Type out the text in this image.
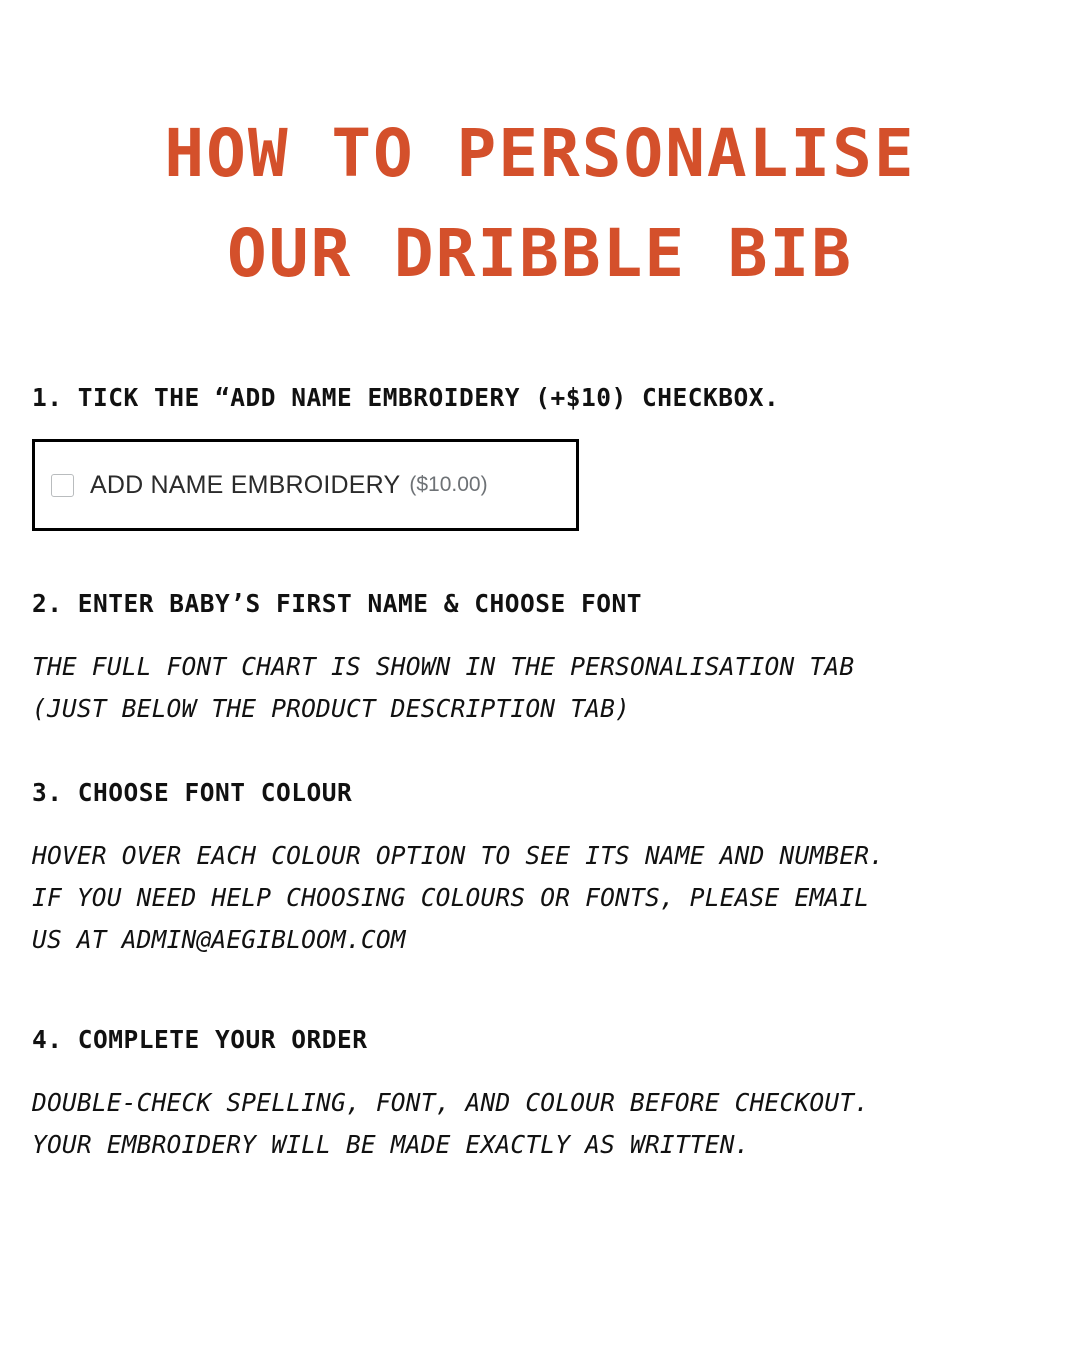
HOW TO PERSONALISE
OUR DRIBBLE BIB
1. TICK THE “ADD NAME EMBROIDERY (+$10) CHECKBOX.
ADD NAME EMBROIDERY ($10.00)
2. ENTER BABY’S FIRST NAME & CHOOSE FONT
THE FULL FONT CHART IS SHOWN IN THE PERSONALISATION TAB
(JUST BELOW THE PRODUCT DESCRIPTION TAB)
3. CHOOSE FONT COLOUR
HOVER OVER EACH COLOUR OPTION TO SEE ITS NAME AND NUMBER.
IF YOU NEED HELP CHOOSING COLOURS OR FONTS, PLEASE EMAIL
US AT ADMIN@AEGIBLOOM.COM
4. COMPLETE YOUR ORDER
DOUBLE-CHECK SPELLING, FONT, AND COLOUR BEFORE CHECKOUT.
YOUR EMBROIDERY WILL BE MADE EXACTLY AS WRITTEN.
